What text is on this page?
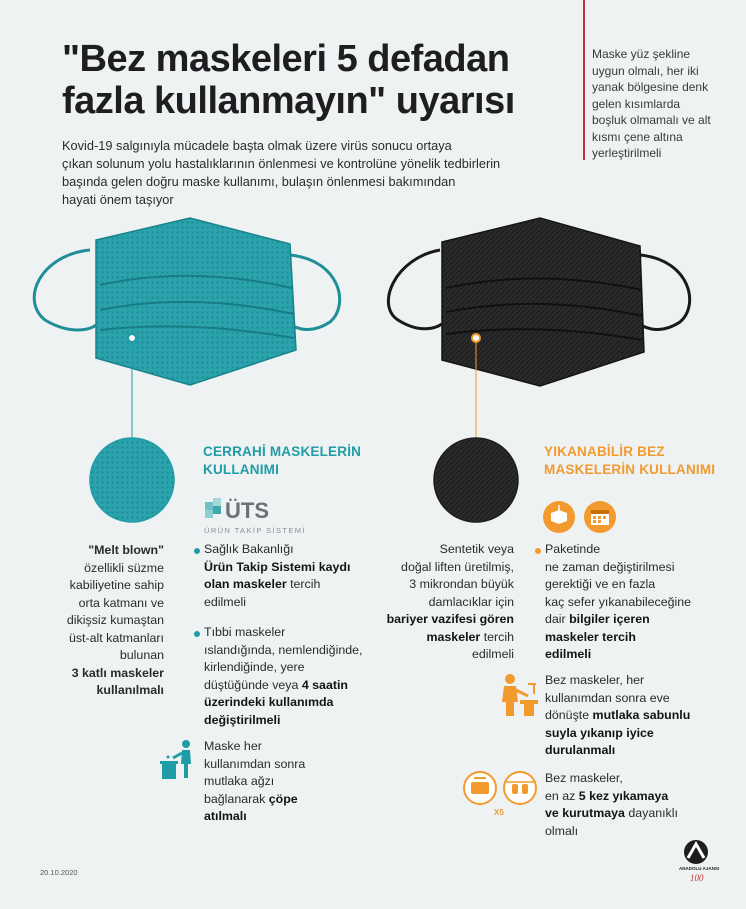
"Bez maskeleri 5 defadan
fazla kullanmayın" uyarısı
Kovid-19 salgınıyla mücadele başta olmak üzere virüs sonucu ortaya
çıkan solunum yolu hastalıklarının önlenmesi ve kontrolüne yönelik tedbirlerin
başında gelen doğru maske kullanımı, bulaşın önlenmesi bakımından
hayati önem taşıyor
Maske yüz şekline
uygun olmalı, her iki
yanak bölgesine denk
gelen kısımlarda
boşluk olmamalı ve alt
kısmı çene altına
yerleştirilmeli
CERRAHİ MASKELERİN
KULLANIMI
YIKANABİLİR BEZ
MASKELERİN KULLANIMI
ÜTS
ÜRÜN TAKİP SİSTEMİ
"Melt blown"
özellikli süzme
kabiliyetine sahip
orta katmanı ve
dikişsiz kumaştan
üst-alt katmanları
bulunan
3 katlı maskeler
kullanılmalı
Sağlık Bakanlığı
Ürün Takip Sistemi kaydı
olan maskeler tercih
edilmeli
Tıbbi maskeler
ıslandığında, nemlendiğinde,
kirlendiğinde, yere
düştüğünde veya 4 saatin
üzerindeki kullanımda
değiştirilmeli
Maske her
kullanımdan sonra
mutlaka ağzı
bağlanarak çöpe
atılmalı
Sentetik veya
doğal liften üretilmiş,
3 mikrondan büyük
damlacıklar için
bariyer vazifesi gören
maskeler tercih
edilmeli
Paketinde
ne zaman değiştirilmesi
gerektiği ve en fazla
kaç sefer yıkanabileceğine
dair bilgiler içeren
maskeler tercih
edilmeli
Bez maskeler, her
kullanımdan sonra eve
dönüşte mutlaka sabunlu
suyla yıkanıp iyice
durulanmalı
X5
Bez maskeler,
en az 5 kez yıkamaya
ve kurutmaya dayanıklı
olmalı
20.10.2020	ANADOLU AJANSI
100
